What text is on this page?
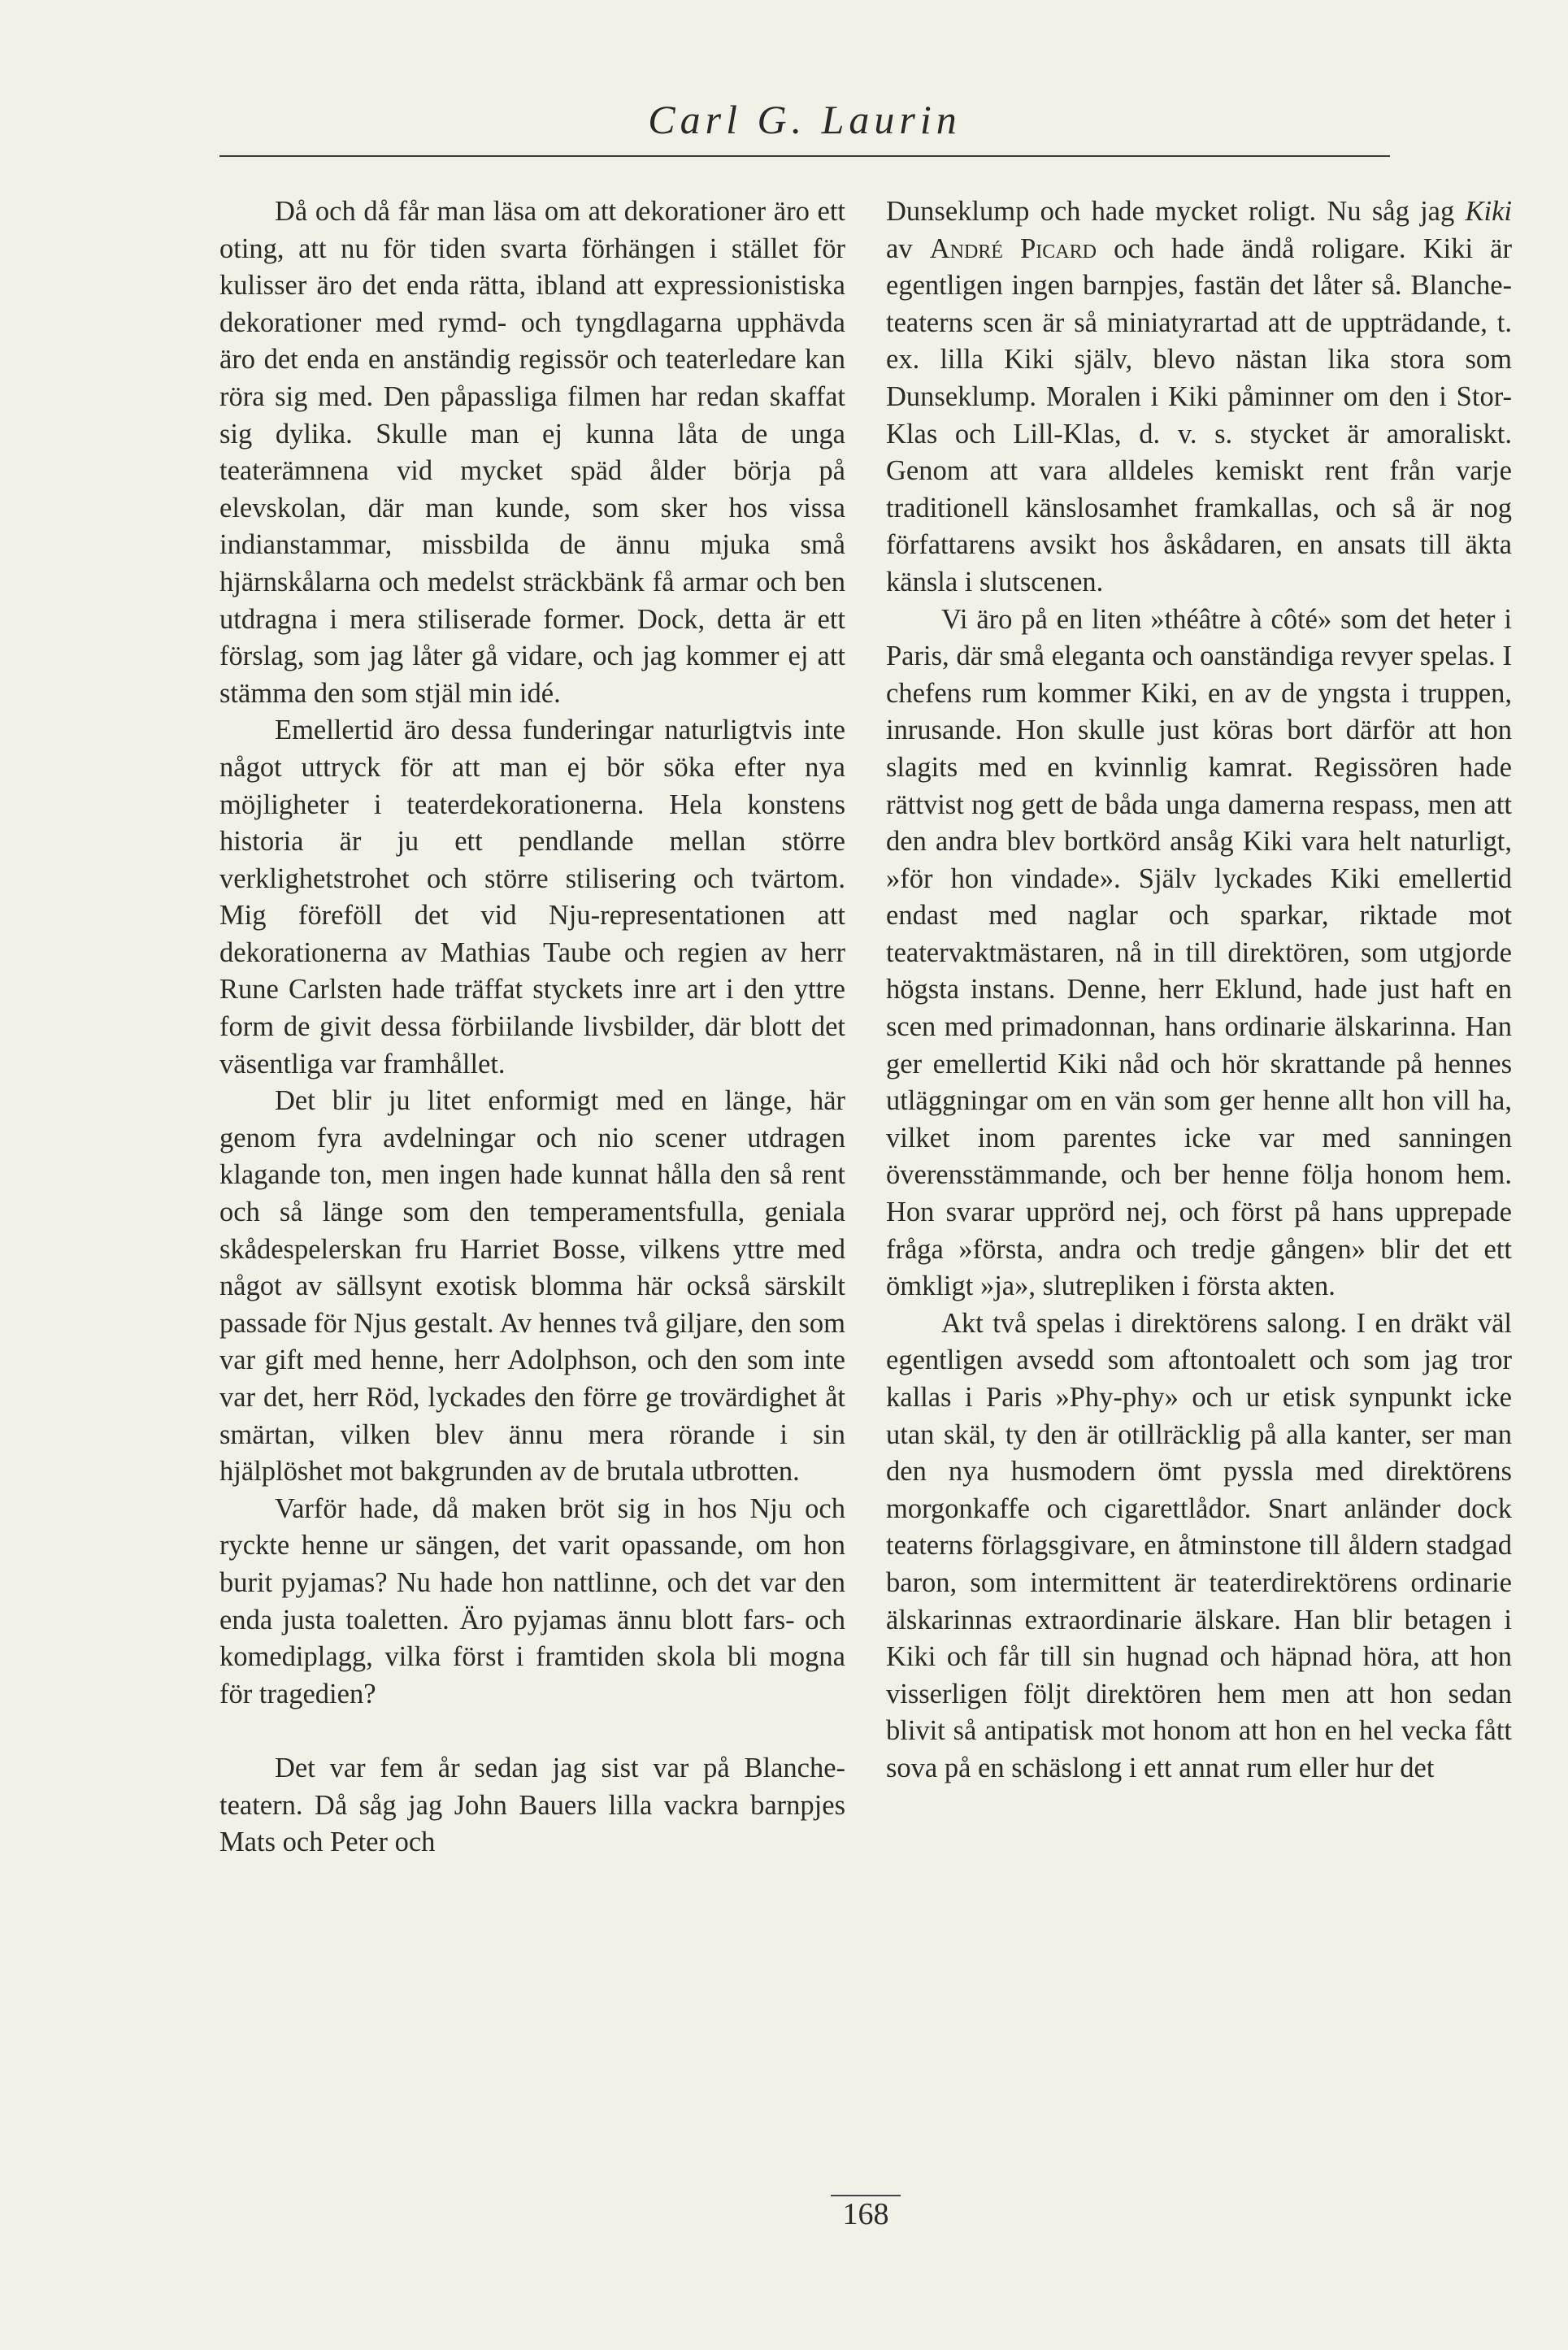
Carl G. Laurin

Då och då får man läsa om att dekorationer äro ett oting, att nu för tiden svarta förhängen i stället för kulisser äro det enda rätta, ibland att expressionistiska dekorationer med rymd- och tyngdlagarna upphävda äro det enda en anständig regissör och teaterledare kan röra sig med. Den påpassliga filmen har redan skaffat sig dylika. Skulle man ej kunna låta de unga teaterämnena vid mycket späd ålder börja på elevskolan, där man kunde, som sker hos vissa indianstammar, missbilda de ännu mjuka små hjärnskålarna och medelst sträckbänk få armar och ben utdragna i mera stiliserade former. Dock, detta är ett förslag, som jag låter gå vidare, och jag kommer ej att stämma den som stjäl min idé.

Emellertid äro dessa funderingar naturligtvis inte något uttryck för att man ej bör söka efter nya möjligheter i teaterdekorationerna. Hela konstens historia är ju ett pendlande mellan större verklighetstrohet och större stilisering och tvärtom. Mig föreföll det vid Nju-representationen att dekorationerna av Mathias Taube och regien av herr Rune Carlsten hade träffat styckets inre art i den yttre form de givit dessa förbiilande livsbilder, där blott det väsentliga var framhållet.

Det blir ju litet enformigt med en länge, här genom fyra avdelningar och nio scener utdragen klagande ton, men ingen hade kunnat hålla den så rent och så länge som den temperamentsfulla, geniala skådespelerskan fru Harriet Bosse, vilkens yttre med något av sällsynt exotisk blomma här också särskilt passade för Njus gestalt. Av hennes två giljare, den som var gift med henne, herr Adolphson, och den som inte var det, herr Röd, lyckades den förre ge trovärdighet åt smärtan, vilken blev ännu mera rörande i sin hjälplöshet mot bakgrunden av de brutala utbrotten.

Varför hade, då maken bröt sig in hos Nju och ryckte henne ur sängen, det varit opassande, om hon burit pyjamas? Nu hade hon nattlinne, och det var den enda justa toaletten. Äro pyjamas ännu blott fars- och komediplagg, vilka först i framtiden skola bli mogna för tragedien?

Det var fem år sedan jag sist var på Blanche-teatern. Då såg jag John Bauers lilla vackra barnpjes Mats och Peter och

Dunseklump och hade mycket roligt. Nu såg jag Kiki av André Picard och hade ändå roligare. Kiki är egentligen ingen barnpjes, fastän det låter så. Blanche-teaterns scen är så miniatyrartad att de uppträdande, t. ex. lilla Kiki själv, blevo nästan lika stora som Dunseklump. Moralen i Kiki påminner om den i Stor-Klas och Lill-Klas, d. v. s. stycket är amoraliskt. Genom att vara alldeles kemiskt rent från varje traditionell känslosamhet framkallas, och så är nog författarens avsikt hos åskådaren, en ansats till äkta känsla i slutscenen.

Vi äro på en liten »théâtre à côté» som det heter i Paris, där små eleganta och oanständiga revyer spelas. I chefens rum kommer Kiki, en av de yngsta i truppen, inrusande. Hon skulle just köras bort därför att hon slagits med en kvinnlig kamrat. Regissören hade rättvist nog gett de båda unga damerna respass, men att den andra blev bortkörd ansåg Kiki vara helt naturligt, »för hon vindade». Själv lyckades Kiki emellertid endast med naglar och sparkar, riktade mot teatervaktmästaren, nå in till direktören, som utgjorde högsta instans. Denne, herr Eklund, hade just haft en scen med primadonnan, hans ordinarie älskarinna. Han ger emellertid Kiki nåd och hör skrattande på hennes utläggningar om en vän som ger henne allt hon vill ha, vilket inom parentes icke var med sanningen överensstämmande, och ber henne följa honom hem. Hon svarar upprörd nej, och först på hans upprepade fråga »första, andra och tredje gången» blir det ett ömkligt »ja», slutrepliken i första akten.

Akt två spelas i direktörens salong. I en dräkt väl egentligen avsedd som aftontoalett och som jag tror kallas i Paris »Phy-phy» och ur etisk synpunkt icke utan skäl, ty den är otillräcklig på alla kanter, ser man den nya husmodern ömt pyssla med direktörens morgonkaffe och cigarettlådor. Snart anländer dock teaterns förlagsgivare, en åtminstone till åldern stadgad baron, som intermittent är teaterdirektörens ordinarie älskarinnas extraordinarie älskare. Han blir betagen i Kiki och får till sin hugnad och häpnad höra, att hon visserligen följt direktören hem men att hon sedan blivit så antipatisk mot honom att hon en hel vecka fått sova på en schäslong i ett annat rum eller hur det

168
